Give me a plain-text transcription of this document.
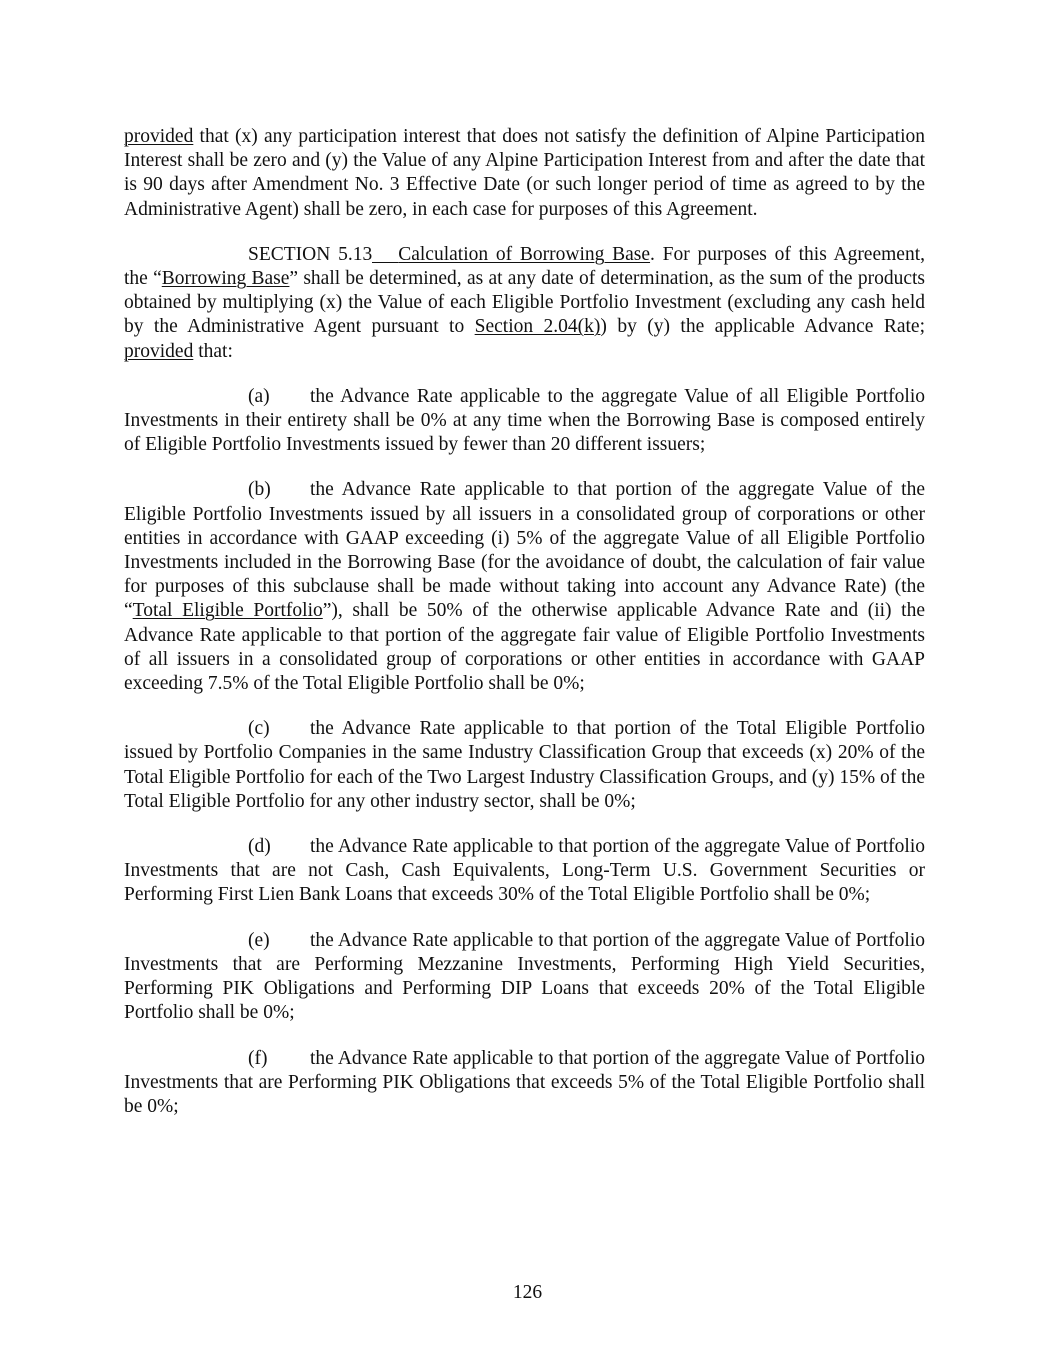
provided that (x) any participation interest that does not satisfy the definition of Alpine Participation Interest shall be zero and (y) the Value of any Alpine Participation Interest from and after the date that is 90 days after Amendment No. 3 Effective Date (or such longer period of time as agreed to by the Administrative Agent) shall be zero, in each case for purposes of this Agreement.

SECTION 5.13 Calculation of Borrowing Base. For purposes of this Agreement, the “Borrowing Base” shall be determined, as at any date of determination, as the sum of the products obtained by multiplying (x) the Value of each Eligible Portfolio Investment (excluding any cash held by the Administrative Agent pursuant to Section 2.04(k)) by (y) the applicable Advance Rate; provided that:

(a) the Advance Rate applicable to the aggregate Value of all Eligible Portfolio Investments in their entirety shall be 0% at any time when the Borrowing Base is composed entirely of Eligible Portfolio Investments issued by fewer than 20 different issuers;

(b) the Advance Rate applicable to that portion of the aggregate Value of the Eligible Portfolio Investments issued by all issuers in a consolidated group of corporations or other entities in accordance with GAAP exceeding (i) 5% of the aggregate Value of all Eligible Portfolio Investments included in the Borrowing Base (for the avoidance of doubt, the calculation of fair value for purposes of this subclause shall be made without taking into account any Advance Rate) (the “Total Eligible Portfolio”), shall be 50% of the otherwise applicable Advance Rate and (ii) the Advance Rate applicable to that portion of the aggregate fair value of Eligible Portfolio Investments of all issuers in a consolidated group of corporations or other entities in accordance with GAAP exceeding 7.5% of the Total Eligible Portfolio shall be 0%;

(c) the Advance Rate applicable to that portion of the Total Eligible Portfolio issued by Portfolio Companies in the same Industry Classification Group that exceeds (x) 20% of the Total Eligible Portfolio for each of the Two Largest Industry Classification Groups, and (y) 15% of the Total Eligible Portfolio for any other industry sector, shall be 0%;

(d) the Advance Rate applicable to that portion of the aggregate Value of Portfolio Investments that are not Cash, Cash Equivalents, Long-Term U.S. Government Securities or Performing First Lien Bank Loans that exceeds 30% of the Total Eligible Portfolio shall be 0%;

(e) the Advance Rate applicable to that portion of the aggregate Value of Portfolio Investments that are Performing Mezzanine Investments, Performing High Yield Securities, Performing PIK Obligations and Performing DIP Loans that exceeds 20% of the Total Eligible Portfolio shall be 0%;

(f) the Advance Rate applicable to that portion of the aggregate Value of Portfolio Investments that are Performing PIK Obligations that exceeds 5% of the Total Eligible Portfolio shall be 0%;

126
